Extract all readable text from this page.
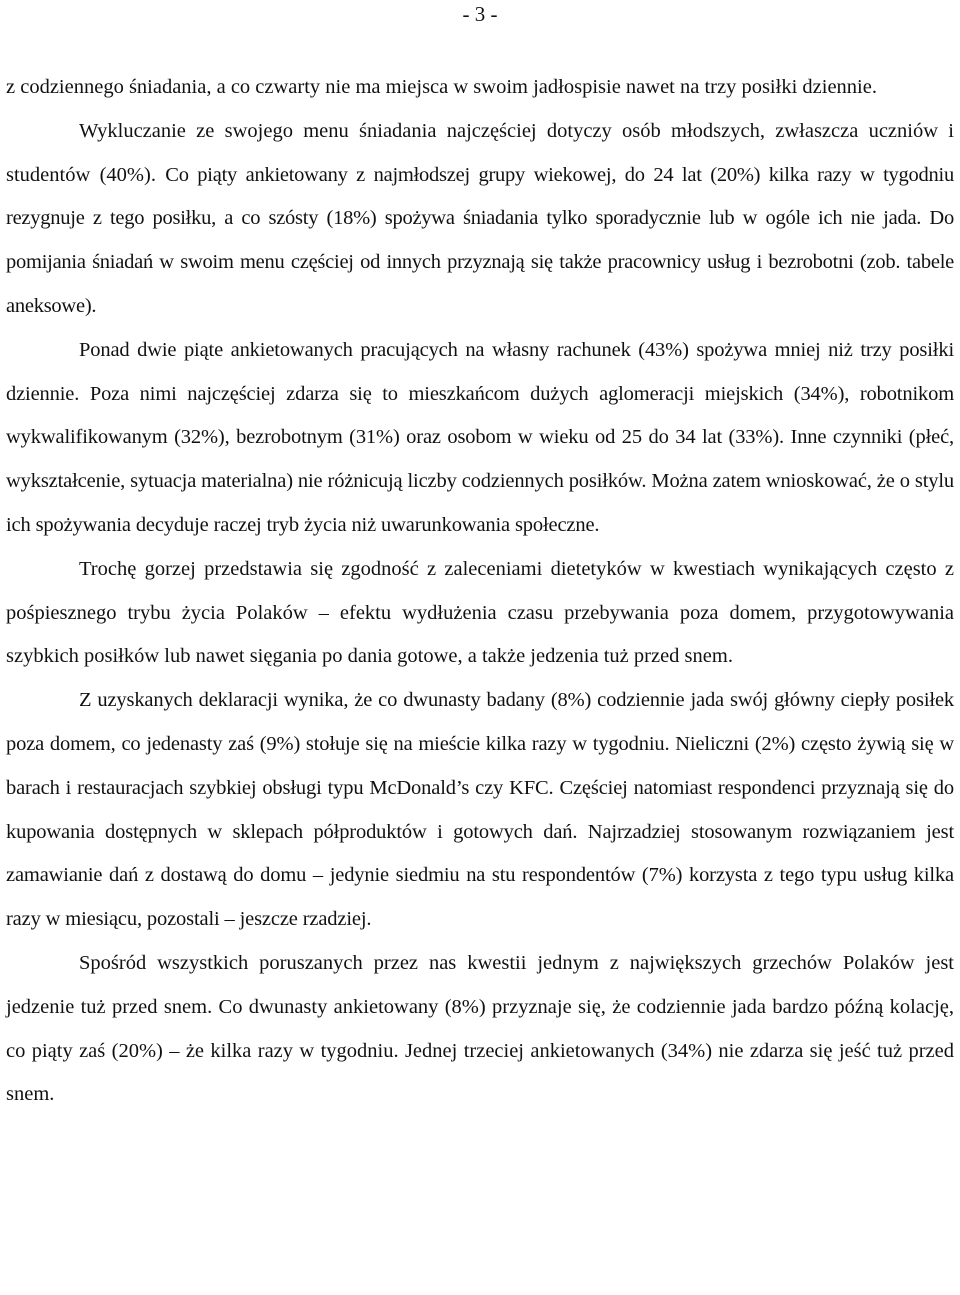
- 3 -

z codziennego śniadania, a co czwarty nie ma miejsca w swoim jadłospisie nawet na trzy posiłki dziennie.

Wykluczanie ze swojego menu śniadania najczęściej dotyczy osób młodszych, zwłaszcza uczniów i studentów (40%). Co piąty ankietowany z najmłodszej grupy wiekowej, do 24 lat (20%) kilka razy w tygodniu rezygnuje z tego posiłku, a co szósty (18%) spożywa śniadania tylko sporadycznie lub w ogóle ich nie jada. Do pomijania śniadań w swoim menu częściej od innych przyznają się także pracownicy usług i bezrobotni (zob. tabele aneksowe).

Ponad dwie piąte ankietowanych pracujących na własny rachunek (43%) spożywa mniej niż trzy posiłki dziennie. Poza nimi najczęściej zdarza się to mieszkańcom dużych aglomeracji miejskich (34%), robotnikom wykwalifikowanym (32%), bezrobotnym (31%) oraz osobom w wieku od 25 do 34 lat (33%). Inne czynniki (płeć, wykształcenie, sytuacja materialna) nie różnicują liczby codziennych posiłków. Można zatem wnioskować, że o stylu ich spożywania decyduje raczej tryb życia niż uwarunkowania społeczne.

Trochę gorzej przedstawia się zgodność z zaleceniami dietetyków w kwestiach wynikających często z pośpiesznego trybu życia Polaków – efektu wydłużenia czasu przebywania poza domem, przygotowywania szybkich posiłków lub nawet sięgania po dania gotowe, a także jedzenia tuż przed snem.

Z uzyskanych deklaracji wynika, że co dwunasty badany (8%) codziennie jada swój główny ciepły posiłek poza domem, co jedenasty zaś (9%) stołuje się na mieście kilka razy w tygodniu. Nieliczni (2%) często żywią się w barach i restauracjach szybkiej obsługi typu McDonald’s czy KFC. Częściej natomiast respondenci przyznają się do kupowania dostępnych w sklepach półproduktów i gotowych dań. Najrzadziej stosowanym rozwiązaniem jest zamawianie dań z dostawą do domu – jedynie siedmiu na stu respondentów (7%) korzysta z tego typu usług kilka razy w miesiącu, pozostali – jeszcze rzadziej.

Spośród wszystkich poruszanych przez nas kwestii jednym z największych grzechów Polaków jest jedzenie tuż przed snem. Co dwunasty ankietowany (8%) przyznaje się, że codziennie jada bardzo późną kolację, co piąty zaś (20%) – że kilka razy w tygodniu. Jednej trzeciej ankietowanych (34%) nie zdarza się jeść tuż przed snem.
